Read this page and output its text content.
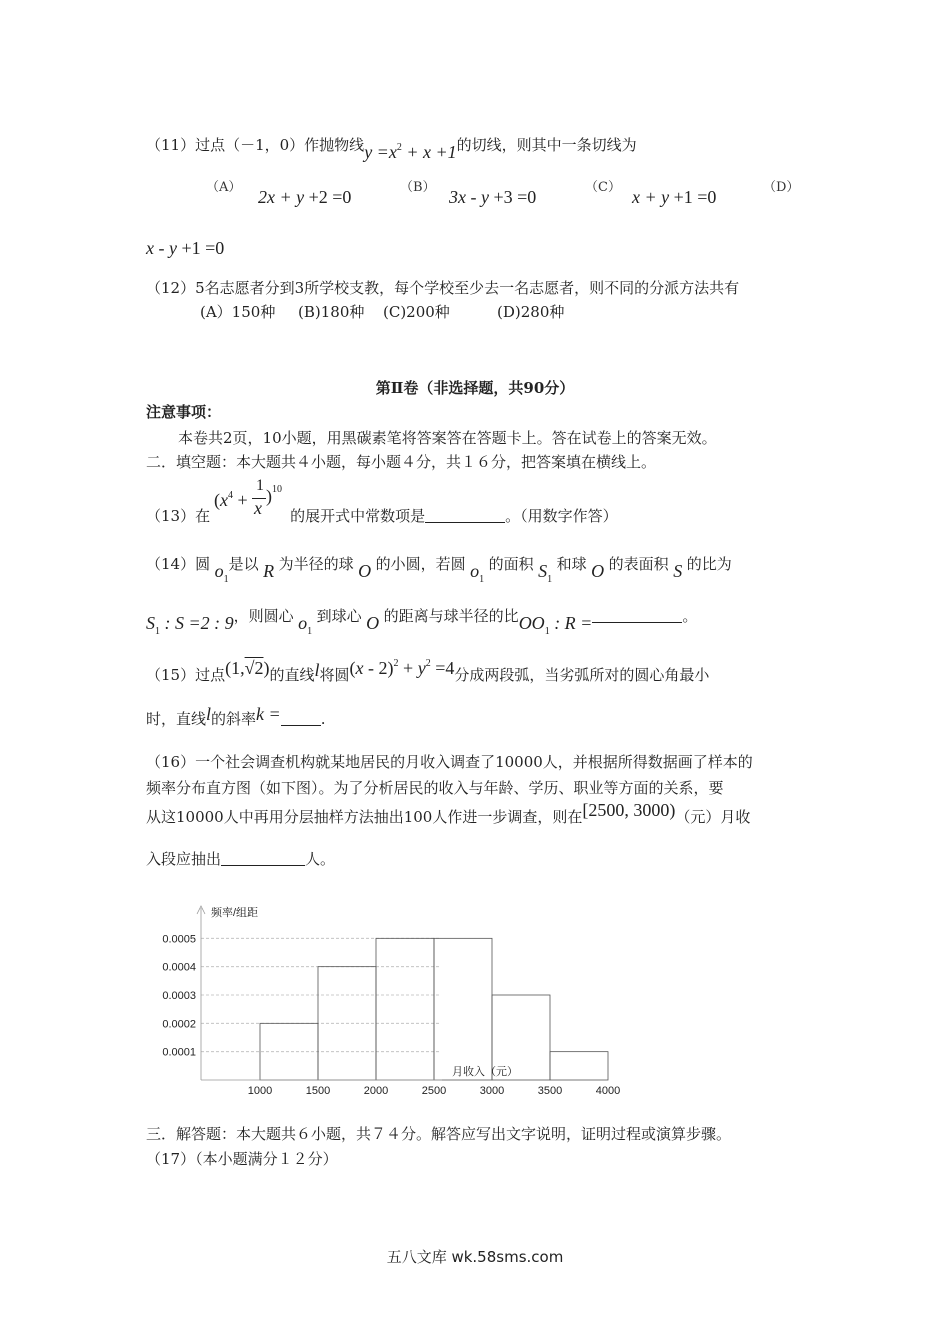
（11）过点（－1，0）作抛物线$y =x^2 + x +1$的切线，则其中一条切线为
（A） 2x + y +2 =0	（B） 3x - y +3 =0	（C） x + y +1 =0	（D）
x - y +1 =0
（12）5名志愿者分到3所学校支教，每个学校至少去一名志愿者，则不同的分派方法共有
(A）150种 (B)180种 (C)200种	(D)280种
第Ⅱ卷（非选择题，共90分）
注意事项：
本卷共2页，10小题，用黑碳素笔将答案答在答题卡上。答在试卷上的答案无效。
二．填空题：本大题共４小题，每小题４分，共１６分，把答案填在横线上。
($x^4$ +
1
x
) 10
（13）在	的展开式中常数项是	。（用数字作答）
（14）圆 $o_1$是以 R 为半径的球 O 的小圆，若圆 $o_1$ 的面积 $S_1$ 和球 O 的表面积 S 的比为
$S_1$ : S =2 : 9，则圆心 $o_1$ 到球心 O 的距离与球半径的比$OO_1$ : R =	。
（15）过点(1,√2)的直线l将圆$(x - 2)^2 + y^2 =4$分成两段弧，当劣弧所对的圆心角最小
时，直线l的斜率k =	.
（16）一个社会调查机构就某地居民的月收入调查了10000人，并根据所得数据画了样本的
频率分布直方图（如下图）。为了分析居民的收入与年龄、学历、职业等方面的关系，要
从这10000人中再用分层抽样方法抽出100人作进一步调查，则在[2500, 3000)（元）月收
入段应抽出	人。
0.0001
0.0002
0.0003
0.0004
0.0005
1000	1500	2000	2500	3000	3500	4000
频率/组距
月收入（元）
三．解答题：本大题共６小题，共７４分。解答应写出文字说明，证明过程或演算步骤。
（17）（本小题满分１２分）
五八文库 wk.58sms.com
